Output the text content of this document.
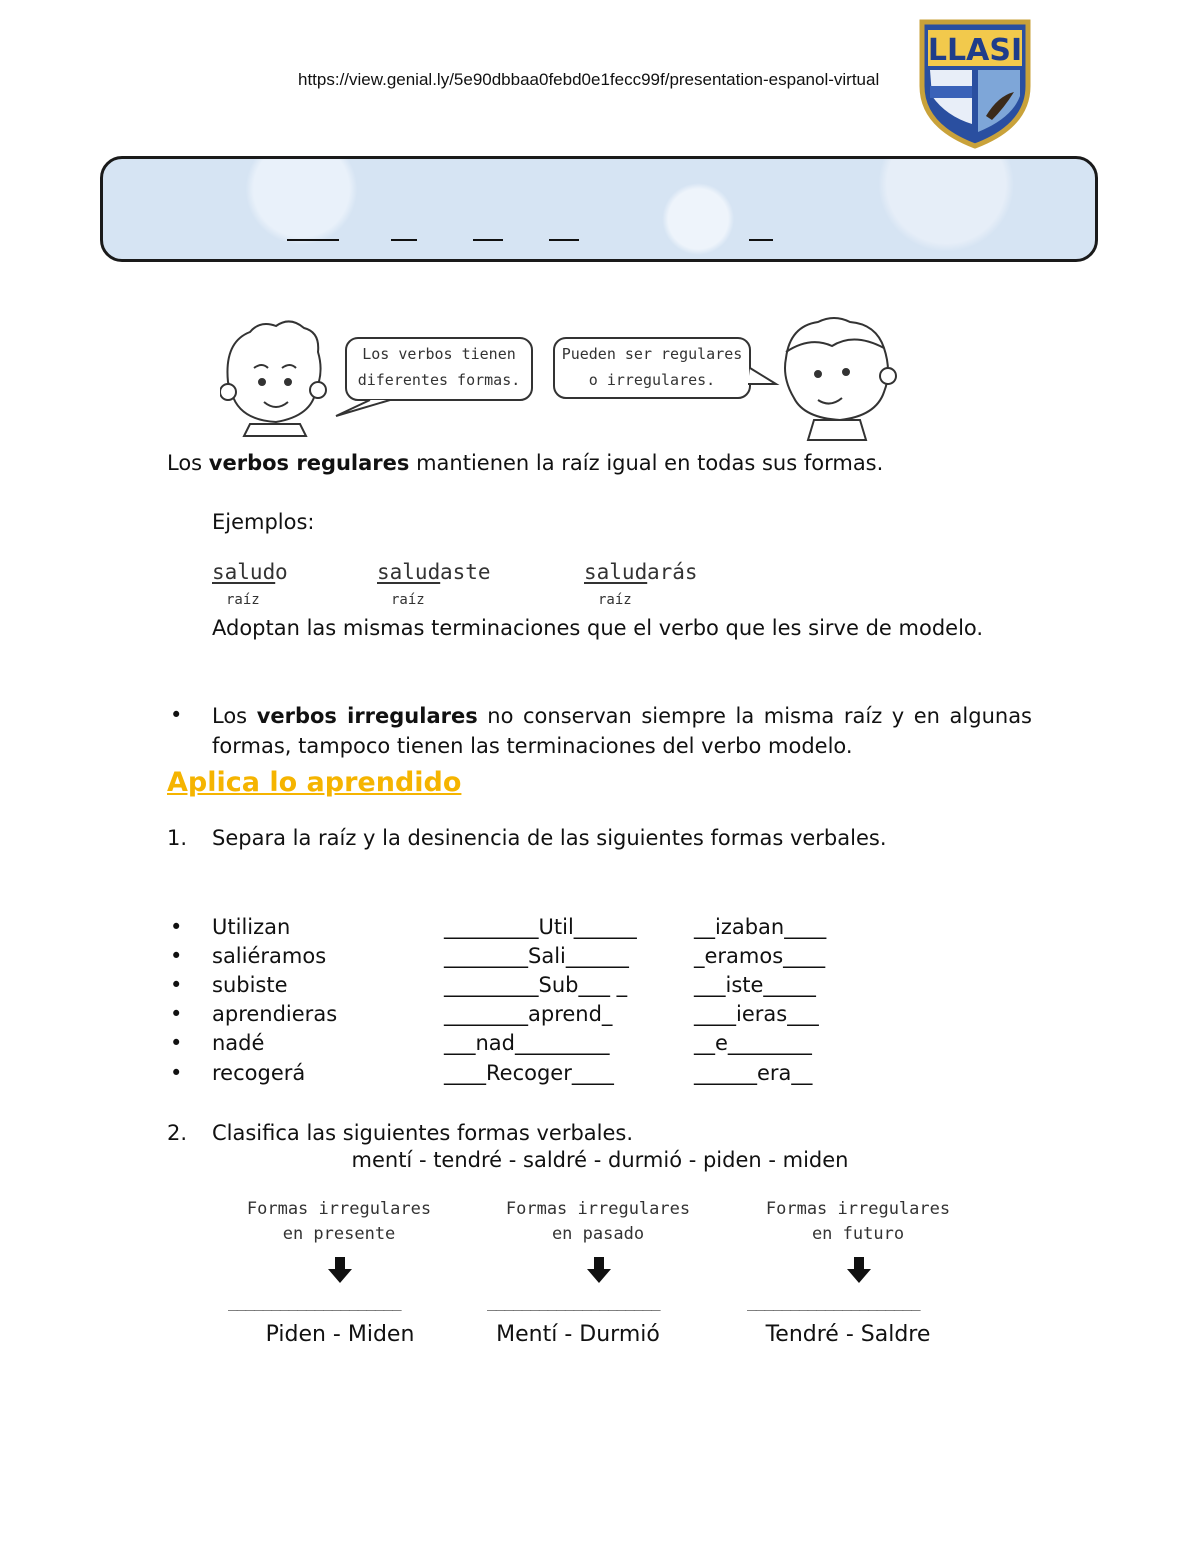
https://view.genial.ly/5e90dbbaa0febd0e1fecc99f/presentation-espanol-virtual
LLASI
Los verbos tienen
diferentes formas.
Pueden ser regulares
o irregulares.
Los verbos regulares mantienen la raíz igual en todas sus formas.
Ejemplos:
salud o
raíz
salud aste
raíz
salud arás
raíz
Adoptan las mismas terminaciones que el verbo que les sirve de modelo.
• Los verbos irregulares no conservan siempre la misma raíz y en algunas formas, tampoco tienen las terminaciones del verbo modelo.
Aplica lo aprendido
1. Separa la raíz y la desinencia de las siguientes formas verbales.
• Utilizan	_________Util______	__izaban____
• saliéramos	________Sali______	_eramos____
• subiste	_________Sub___ _	___iste_____
• aprendieras	________aprend_	____ieras___
• nadé	___nad_________	__e________
• recogerá	____Recoger____	______era__
2. Clasifica las siguientes formas verbales.
mentí - tendré - saldré - durmió - piden - miden
Formas irregulares
en presente
____________________
Piden - Miden
Formas irregulares
en pasado
____________________
Mentí - Durmió
Formas irregulares
en futuro
____________________
Tendré - Saldre
